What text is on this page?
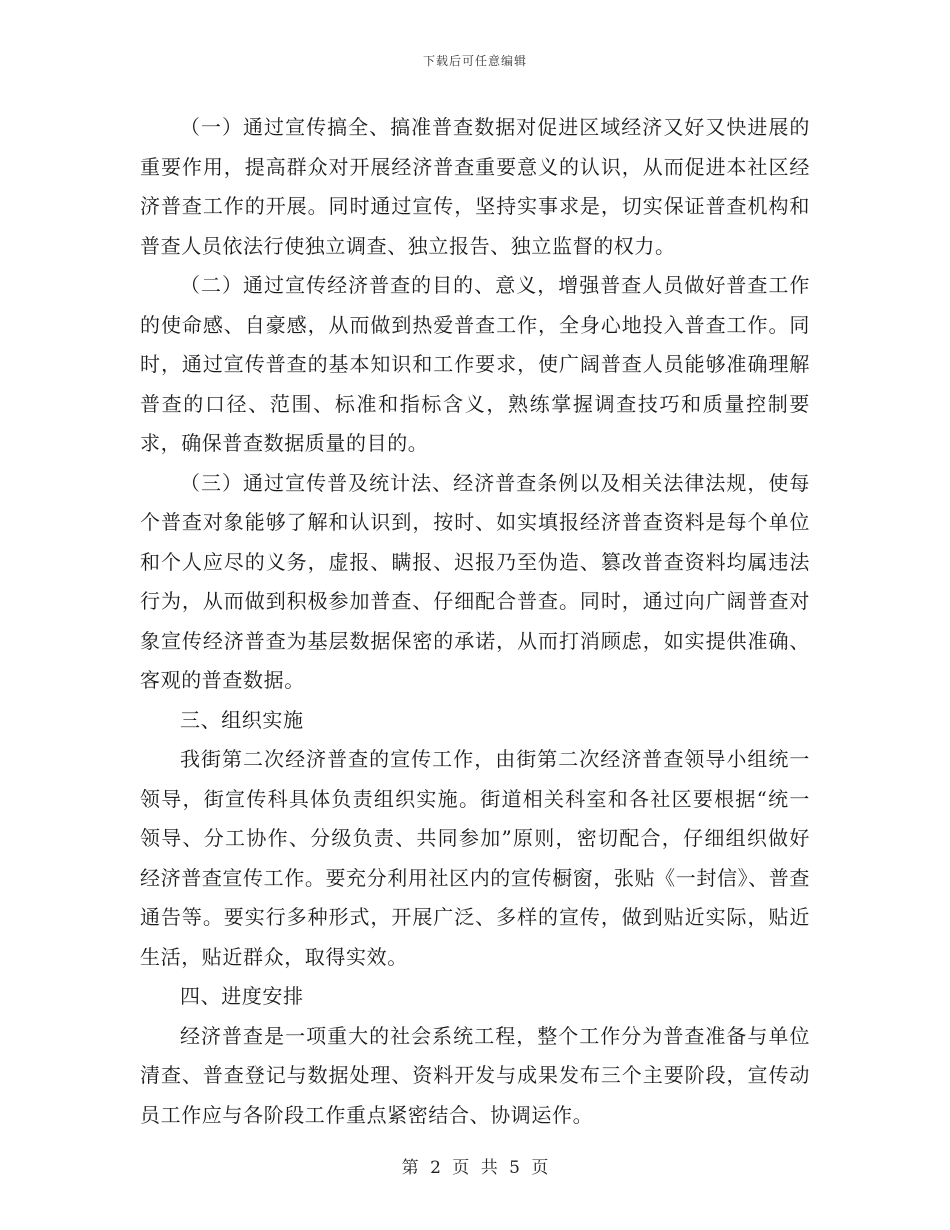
下载后可任意编辑

（一）通过宣传搞全、搞准普查数据对促进区域经济又好又快进展的重要作用，提高群众对开展经济普查重要意义的认识，从而促进本社区经济普查工作的开展。同时通过宣传，坚持实事求是，切实保证普查机构和普查人员依法行使独立调查、独立报告、独立监督的权力。

（二）通过宣传经济普查的目的、意义，增强普查人员做好普查工作的使命感、自豪感，从而做到热爱普查工作，全身心地投入普查工作。同时，通过宣传普查的基本知识和工作要求，使广阔普查人员能够准确理解普查的口径、范围、标准和指标含义，熟练掌握调查技巧和质量控制要求，确保普查数据质量的目的。

（三）通过宣传普及统计法、经济普查条例以及相关法律法规，使每个普查对象能够了解和认识到，按时、如实填报经济普查资料是每个单位和个人应尽的义务，虚报、瞒报、迟报乃至伪造、篡改普查资料均属违法行为，从而做到积极参加普查、仔细配合普查。同时，通过向广阔普查对象宣传经济普查为基层数据保密的承诺，从而打消顾虑，如实提供准确、客观的普查数据。

三、组织实施

我街第二次经济普查的宣传工作，由街第二次经济普查领导小组统一领导，街宣传科具体负责组织实施。街道相关科室和各社区要根据“统一领导、分工协作、分级负责、共同参加”原则，密切配合，仔细组织做好经济普查宣传工作。要充分利用社区内的宣传橱窗，张贴《一封信》、普查通告等。要实行多种形式，开展广泛、多样的宣传，做到贴近实际，贴近生活，贴近群众，取得实效。

四、进度安排

经济普查是一项重大的社会系统工程，整个工作分为普查准备与单位清查、普查登记与数据处理、资料开发与成果发布三个主要阶段，宣传动员工作应与各阶段工作重点紧密结合、协调运作。

第 2 页 共 5 页
